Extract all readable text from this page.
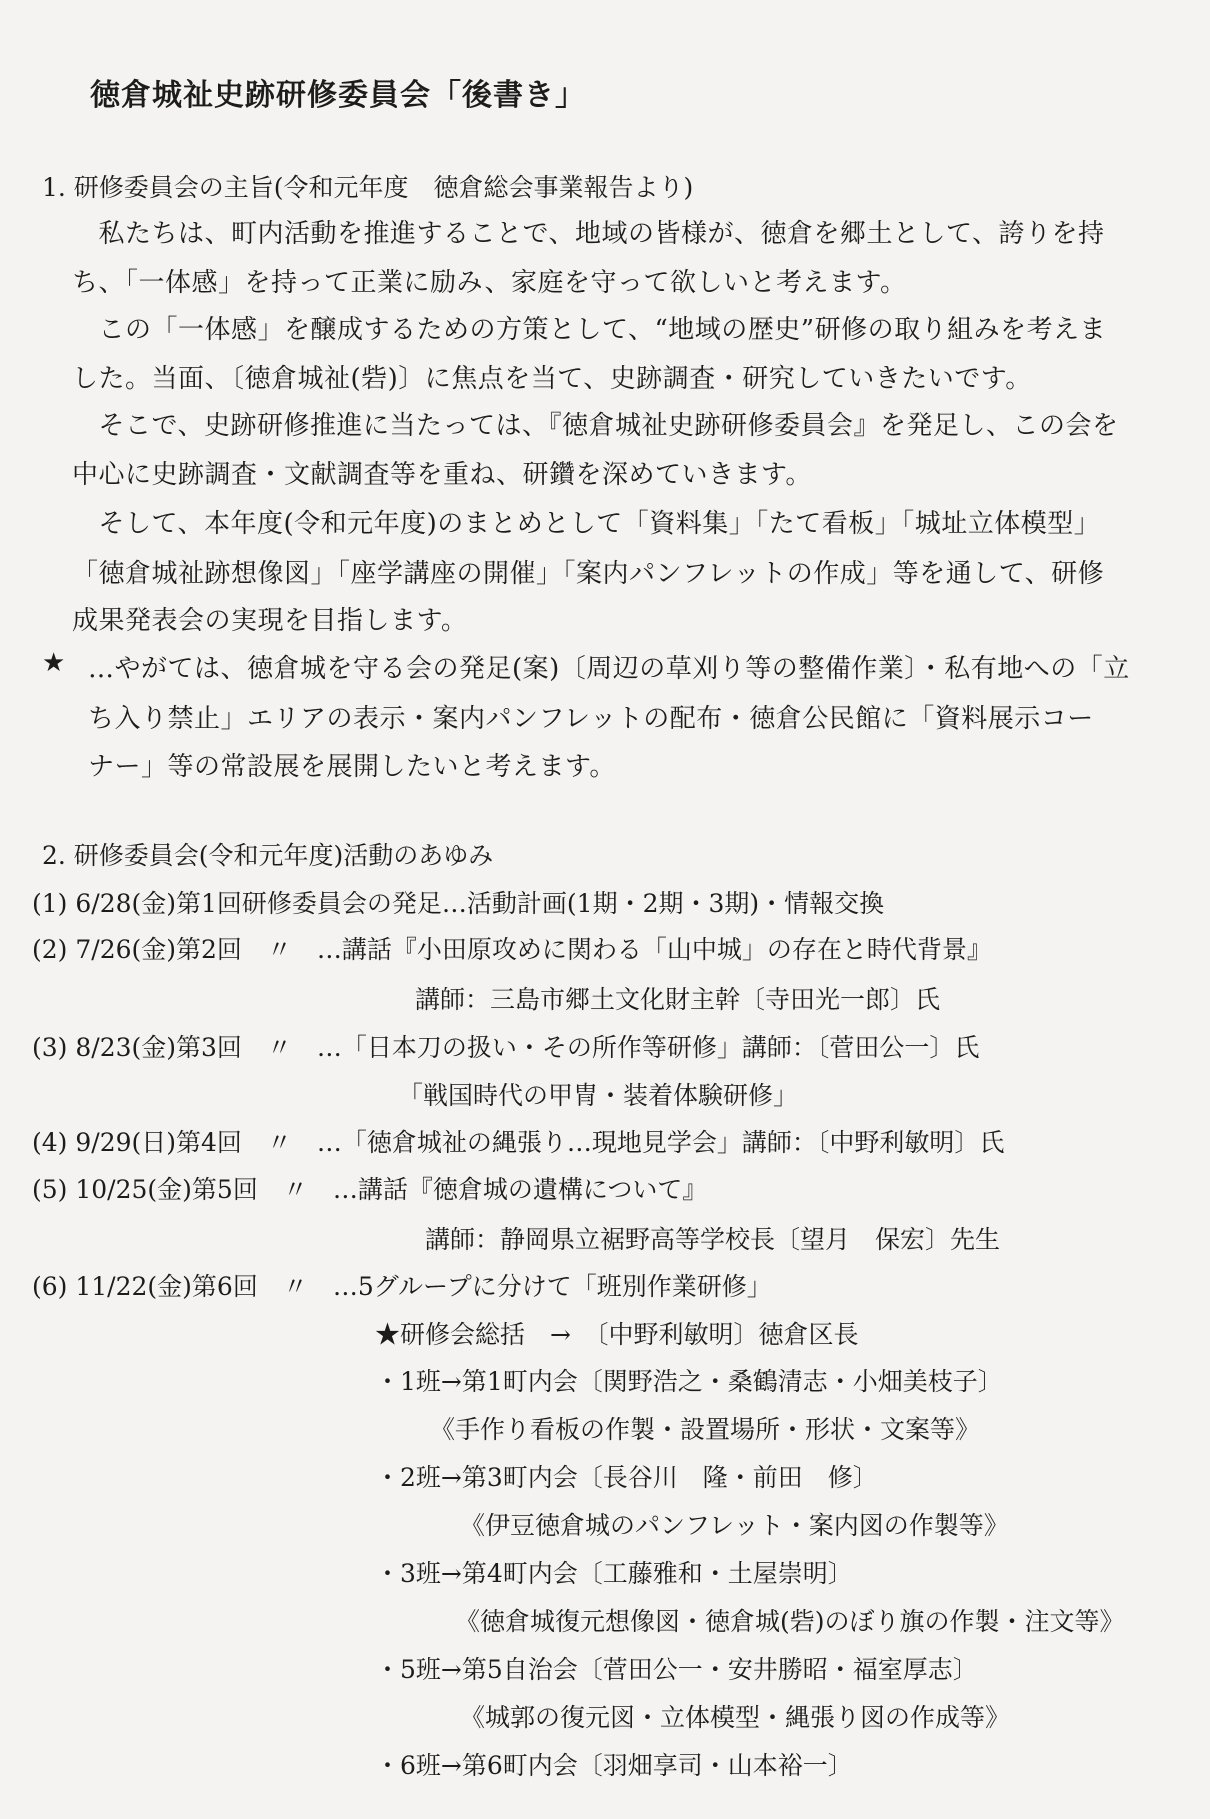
徳倉城祉史跡研修委員会「後書き」
1. 研修委員会の主旨(令和元年度　徳倉総会事業報告より)
　私たちは、町内活動を推進することで、地域の皆様が、徳倉を郷土として、誇りを持
ち、「一体感」を持って正業に励み、家庭を守って欲しいと考えます。
　この「一体感」を醸成するための方策として、“地域の歴史”研修の取り組みを考えま
した。当面、〔徳倉城祉(砦)〕に焦点を当て、史跡調査・研究していきたいです。
　そこで、史跡研修推進に当たっては、『徳倉城祉史跡研修委員会』を発足し、この会を
中心に史跡調査・文献調査等を重ね、研鑽を深めていきます。
　そして、本年度(令和元年度)のまとめとして「資料集」「たて看板」「城址立体模型」
「徳倉城祉跡想像図」「座学講座の開催」「案内パンフレットの作成」等を通して、研修
成果発表会の実現を目指します。
★ …やがては、徳倉城を守る会の発足(案)〔周辺の草刈り等の整備作業〕・私有地への「立
ち入り禁止」エリアの表示・案内パンフレットの配布・徳倉公民館に「資料展示コー
ナー」等の常設展を展開したいと考えます。
2. 研修委員会(令和元年度)活動のあゆみ
(1) 6/28(金)第1回研修委員会の発足…活動計画(1期・2期・3期)・情報交換
(2) 7/26(金)第2回　〃　…講話『小田原攻めに関わる「山中城」の存在と時代背景』
講師：三島市郷土文化財主幹〔寺田光一郎〕氏
(3) 8/23(金)第3回　〃　…「日本刀の扱い・その所作等研修」講師：〔菅田公一〕氏
「戦国時代の甲冑・装着体験研修」
(4) 9/29(日)第4回　〃　…「徳倉城祉の縄張り…現地見学会」講師：〔中野利敏明〕氏
(5) 10/25(金)第5回　〃　…講話『徳倉城の遺構について』
講師：静岡県立裾野高等学校長〔望月　保宏〕先生
(6) 11/22(金)第6回　〃　…5グループに分けて「班別作業研修」
★研修会総括　→　〔中野利敏明〕徳倉区長
・1班→第1町内会〔関野浩之・桑鶴清志・小畑美枝子〕
《手作り看板の作製・設置場所・形状・文案等》
・2班→第3町内会〔長谷川　隆・前田　修〕
《伊豆徳倉城のパンフレット・案内図の作製等》
・3班→第4町内会〔工藤雅和・土屋崇明〕
《徳倉城復元想像図・徳倉城(砦)のぼり旗の作製・注文等》
・5班→第5自治会〔菅田公一・安井勝昭・福室厚志〕
《城郭の復元図・立体模型・縄張り図の作成等》
・6班→第6町内会〔羽畑享司・山本裕一〕
